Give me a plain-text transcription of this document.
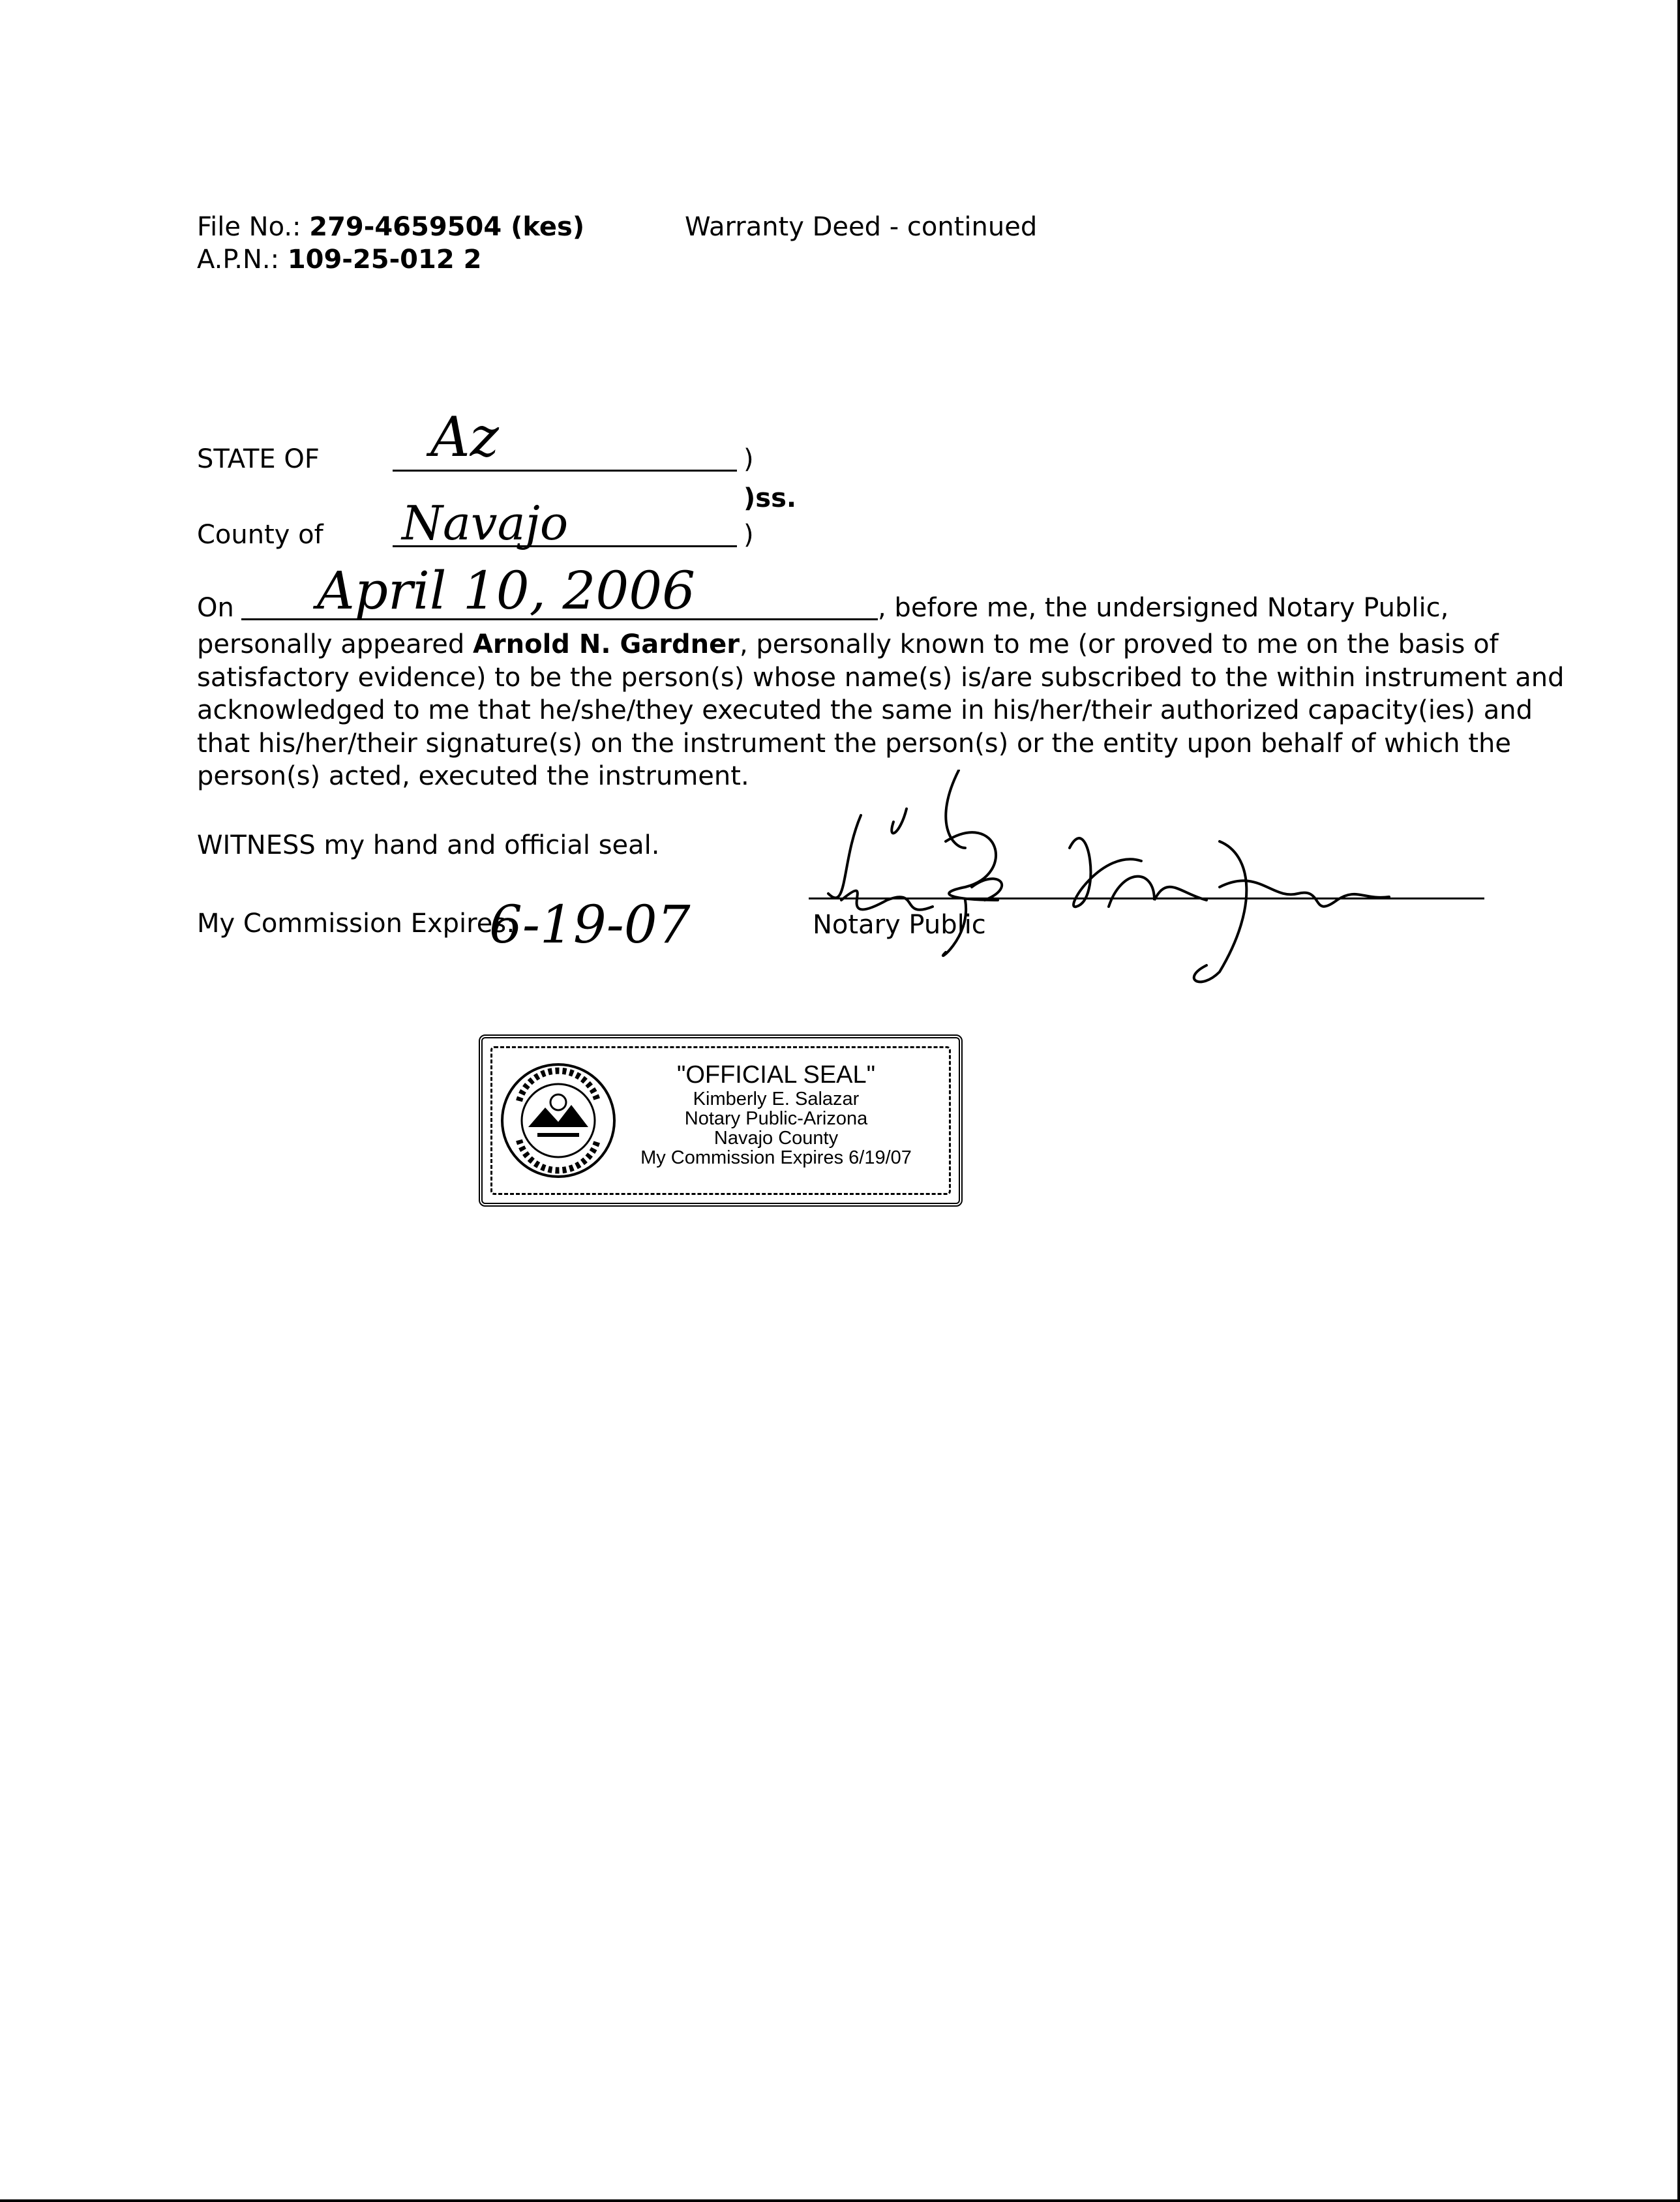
File No.: 279-4659504 (kes)	Warranty Deed - continued
A.P.N.: 109-25-012 2
STATE OF Az	)
)ss.
County of Navajo	)
On April 10, 2006	, before me, the undersigned Notary Public,
personally appeared Arnold N. Gardner, personally known to me (or proved to me on the basis of
satisfactory evidence) to be the person(s) whose name(s) is/are subscribed to the within instrument and
acknowledged to me that he/she/they executed the same in his/her/their authorized capacity(ies) and
that his/her/their signature(s) on the instrument the person(s) or the entity upon behalf of which the
person(s) acted, executed the instrument.
WITNESS my hand and official seal.
My Commission Expires:
6-19-07	Notary Public
"OFFICIAL SEAL"
Kimberly E. Salazar
Notary Public-Arizona
Navajo County
My Commission Expires 6/19/07
